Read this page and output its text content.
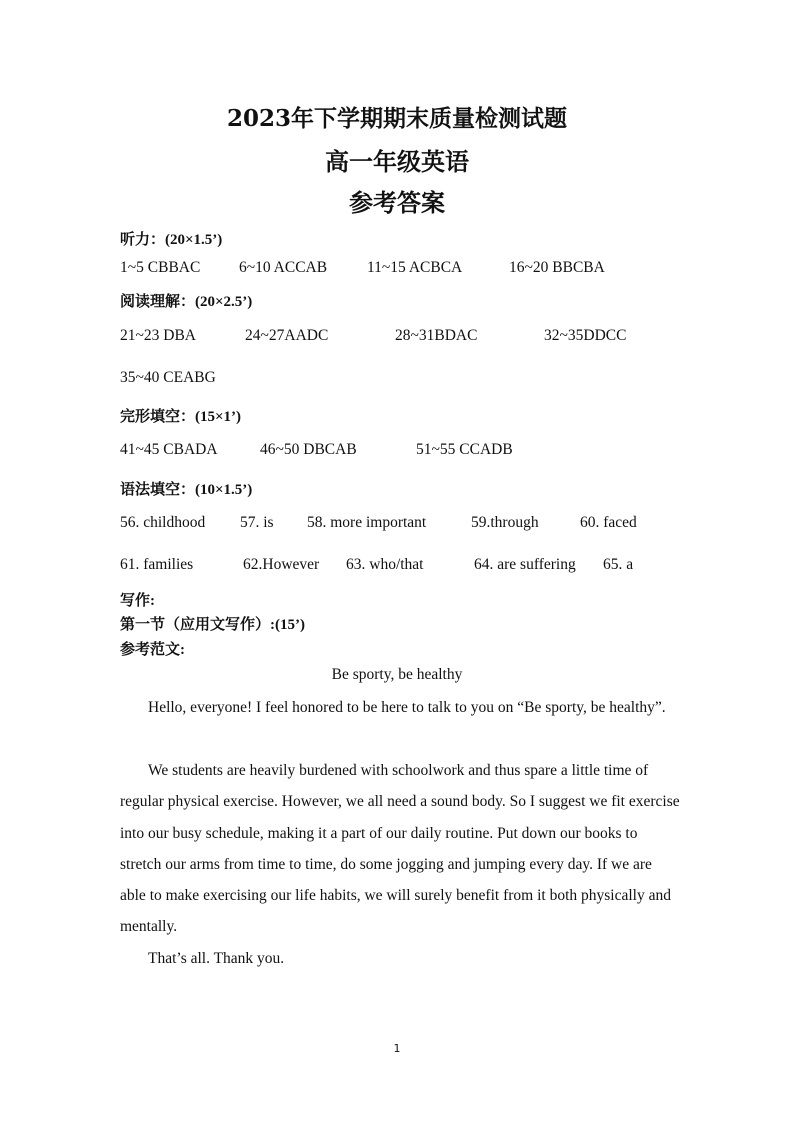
2023年下学期期末质量检测试题
高一年级英语
参考答案
听力：(20×1.5’)
1~5 CBBAC 6~10 ACCAB	11~15 ACBCA	16~20 BBCBA
阅读理解：(20×2.5’)
21~23 DBA	24~27AADC	28~31BDAC	32~35DDCC
35~40 CEABG
完形填空：(15×1’)
41~45 CBADA	46~50 DBCAB	51~55 CCADB
语法填空：(10×1.5’)
56. childhood 57. is 58. more important	59.through	60. faced
61. families	62.However 63. who/that	64. are suffering 65. a
写作:
第一节（应用文写作）:(15’)
参考范文:
Be sporty, be healthy
Hello, everyone! I feel honored to be here to talk to you on “Be sporty, be healthy”.
We students are heavily burdened with schoolwork and thus spare a little time of regular physical exercise. However, we all need a sound body. So I suggest we fit exercise into our busy schedule, making it a part of our daily routine. Put down our books to stretch our arms from time to time, do some jogging and jumping every day. If we are able to make exercising our life habits, we will surely benefit from it both physically and mentally.
That’s all. Thank you.
1
